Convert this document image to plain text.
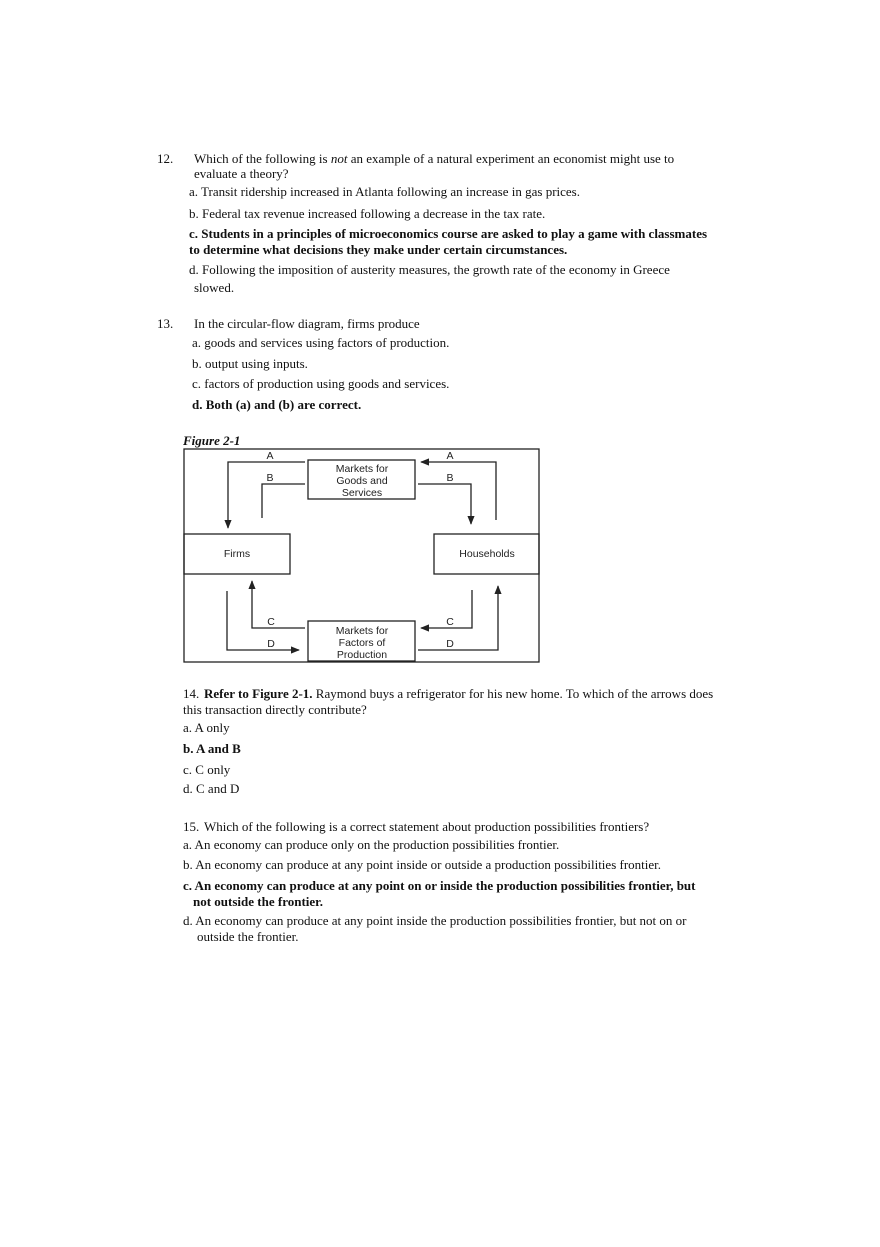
12. Which of the following is not an example of a natural experiment an economist might use to
evaluate a theory?
a. Transit ridership increased in Atlanta following an increase in gas prices.
b. Federal tax revenue increased following a decrease in the tax rate.
c. Students in a principles of microeconomics course are asked to play a game with classmates
to determine what decisions they make under certain circumstances.
d. Following the imposition of austerity measures, the growth rate of the economy in Greece
slowed.
13. In the circular-flow diagram, firms produce
a. goods and services using factors of production.
b. output using inputs.
c. factors of production using goods and services.
d. Both (a) and (b) are correct.
Figure 2-1
Markets for
Goods and
Services
Markets for
Factors of
Production
Firms	Households
A
B
A
B
C
D
C
D
14. Refer to Figure 2-1. Raymond buys a refrigerator for his new home. To which of the arrows does
this transaction directly contribute?
a. A only
b. A and B
c. C only
d. C and D
15. Which of the following is a correct statement about production possibilities frontiers?
a. An economy can produce only on the production possibilities frontier.
b. An economy can produce at any point inside or outside a production possibilities frontier.
c. An economy can produce at any point on or inside the production possibilities frontier, but
not outside the frontier.
d. An economy can produce at any point inside the production possibilities frontier, but not on or
outside the frontier.
